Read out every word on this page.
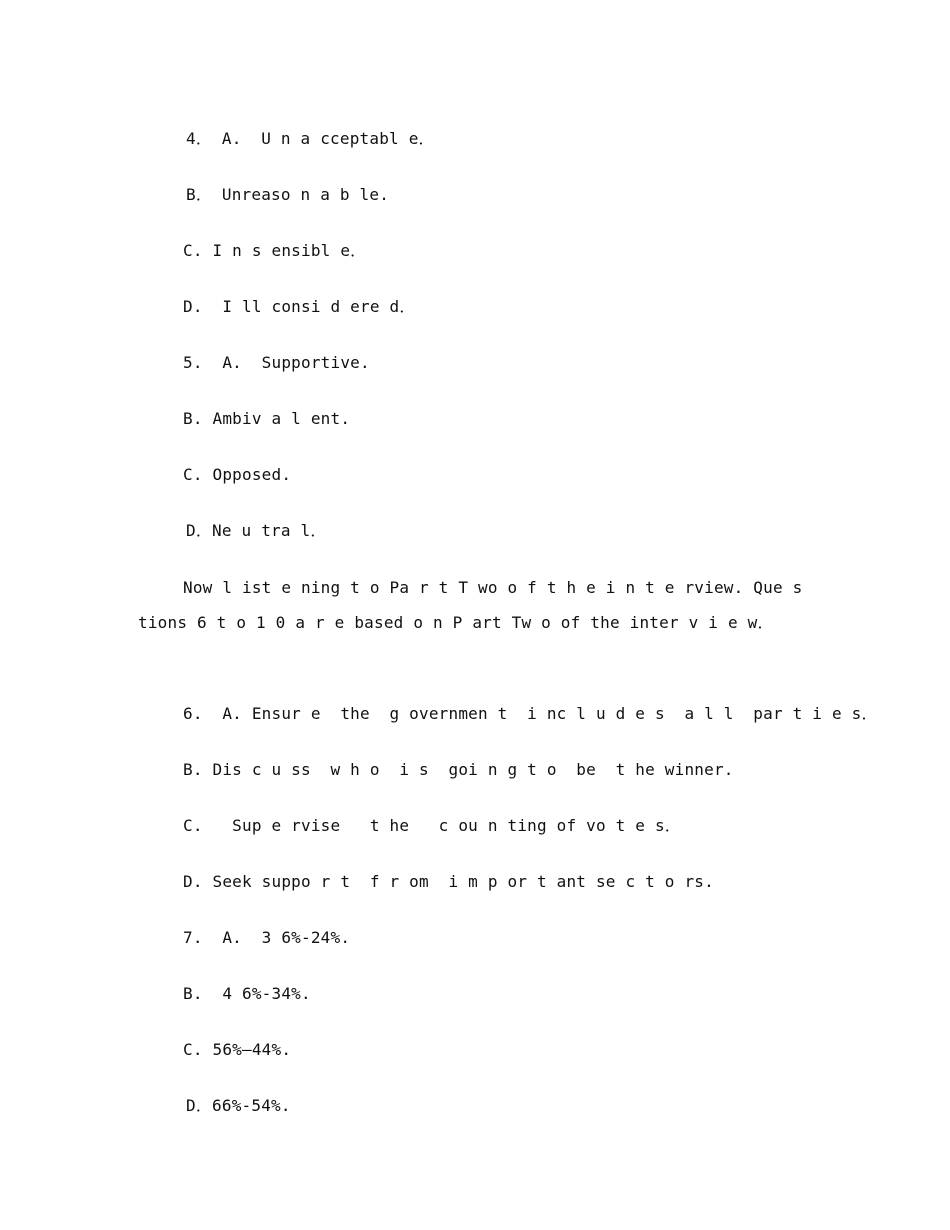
4． A.  U n a cceptabl e．
B． Unreaso n a b le.
C. I n s ensibl e．
D.  I ll consi d ere d．
5.  A.  Supportive.
B. Ambiv a l ent.
C. Opposed.
D．Ne u tra l．
Now l ist e ning t o Pa r t T wo o f t h e i n t e rview. Que s tions 6 t o 1 0 a r e based o n P art Tw o of the inter v i e w．
6.  A. Ensur e  the  g overnmen t  i nc l u d e s  a l l  par t i e s．
B. Dis c u ss  w h o  i s  goi n g t o  be  t he winner.
C.   Sup e rvise   t he   c ou n ting of vo t e s．
D. Seek suppo r t  f r om  i m p or t ant se c t o rs.
7.  A.  3 6%-24%.
B.  4 6%-34%.
C. 56%—44%.
D．66%-54%.
